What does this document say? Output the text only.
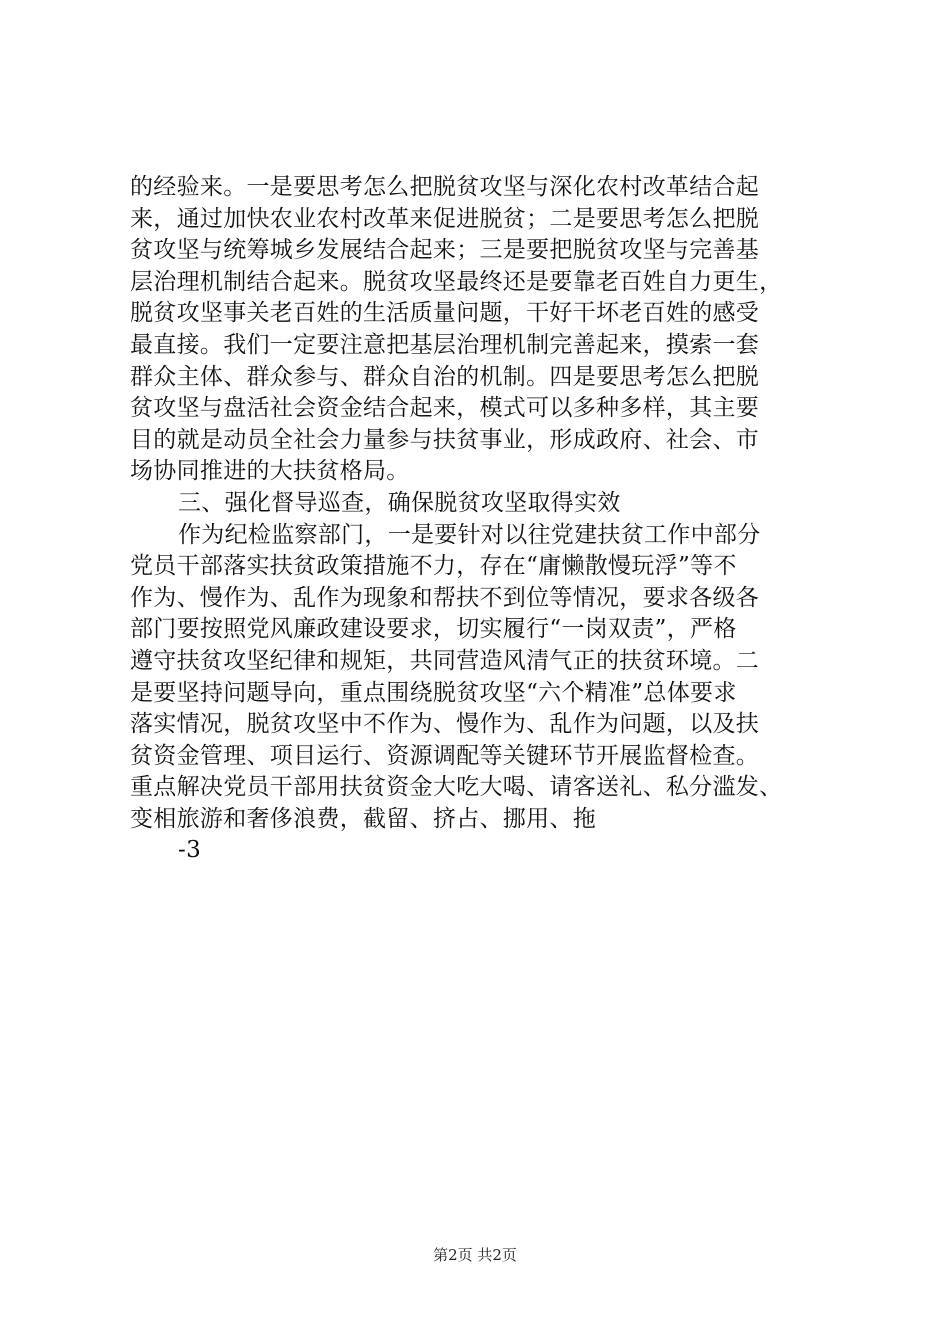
的经验来。一是要思考怎么把脱贫攻坚与深化农村改革结合起
来，通过加快农业农村改革来促进脱贫；二是要思考怎么把脱
贫攻坚与统筹城乡发展结合起来；三是要把脱贫攻坚与完善基
层治理机制结合起来。脱贫攻坚最终还是要靠老百姓自力更生，
脱贫攻坚事关老百姓的生活质量问题，干好干坏老百姓的感受
最直接。我们一定要注意把基层治理机制完善起来，摸索一套
群众主体、群众参与、群众自治的机制。四是要思考怎么把脱
贫攻坚与盘活社会资金结合起来，模式可以多种多样，其主要
目的就是动员全社会力量参与扶贫事业，形成政府、社会、市
场协同推进的大扶贫格局。
三、强化督导巡查，确保脱贫攻坚取得实效
作为纪检监察部门，一是要针对以往党建扶贫工作中部分
党员干部落实扶贫政策措施不力，存在“庸懒散慢玩浮”等不
作为、慢作为、乱作为现象和帮扶不到位等情况，要求各级各
部门要按照党风廉政建设要求，切实履行“一岗双责”，严格
遵守扶贫攻坚纪律和规矩，共同营造风清气正的扶贫环境。二
是要坚持问题导向，重点围绕脱贫攻坚“六个精准”总体要求
落实情况，脱贫攻坚中不作为、慢作为、乱作为问题，以及扶
贫资金管理、项目运行、资源调配等关键环节开展监督检查。
重点解决党员干部用扶贫资金大吃大喝、请客送礼、私分滥发、
变相旅游和奢侈浪费，截留、挤占、挪用、拖
-3
第2页 共2页
